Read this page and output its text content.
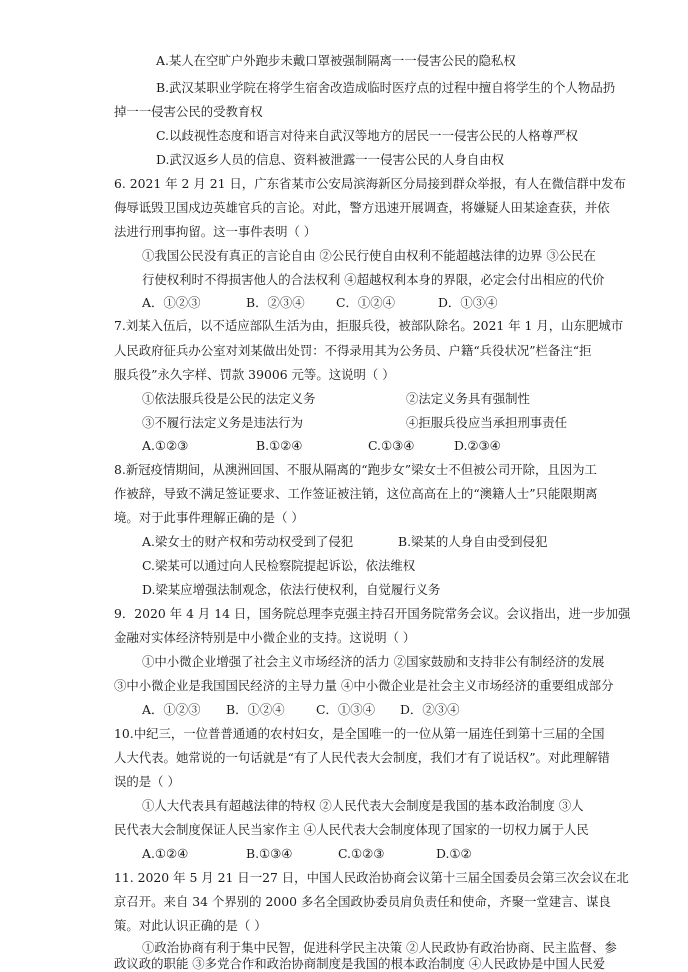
A.某人在空旷户外跑步未戴口罩被强制隔离一一侵害公民的隐私权
B.武汉某职业学院在将学生宿舍改造成临时医疗点的过程中擅自将学生的个人物品扔
掉一一侵害公民的受教育权
C.以歧视性态度和语言对待来自武汉等地方的居民一一侵害公民的人格尊严权
D.武汉返乡人员的信息、资料被泄露一一侵害公民的人身自由权
6. 2021 年 2 月 21 日，广东省某市公安局滨海新区分局接到群众举报，有人在微信群中发布
侮辱诋毁卫国戍边英雄官兵的言论。对此，警方迅速开展调查，将嫌疑人田某途查获，并依
法进行刑事拘留。这一事件表明（ ）
①我国公民没有真正的言论自由 ②公民行使自由权利不能超越法律的边界 ③公民在
行使权利时不得损害他人的合法权利 ④超越权利本身的界限，必定会付出相应的代价
A．①②③	B．②③④	C．①②④	D．①③④
7.刘某入伍后，以不适应部队生活为由，拒服兵役，被部队除名。2021 年 1 月，山东肥城市
人民政府征兵办公室对刘某做出处罚：不得录用其为公务员、户籍“兵役状况”栏备注“拒
服兵役”永久字样、罚款 39006 元等。这说明（ ）
①依法服兵役是公民的法定义务	②法定义务具有强制性
③不履行法定义务是违法行为	④拒服兵役应当承担刑事责任
A.①②③	B.①②④	C.①③④	D.②③④
8.新冠疫情期间，从澳洲回国、不服从隔离的“跑步女”梁女士不但被公司开除，且因为工
作被辞，导致不满足签证要求、工作签证被注销，这位高高在上的“澳籍人士”只能限期离
境。对于此事件理解正确的是（ ）
A.梁女士的财产权和劳动权受到了侵犯	B.梁某的人身自由受到侵犯
C.梁某可以通过向人民检察院提起诉讼，依法维权
D.梁某应增强法制观念，依法行使权利，自觉履行义务
9．2020 年 4 月 14 日，国务院总理李克强主持召开国务院常务会议。会议指出，进一步加强
金融对实体经济特别是中小微企业的支持。这说明（ ）
①中小微企业增强了社会主义市场经济的活力 ②国家鼓励和支持非公有制经济的发展
③中小微企业是我国国民经济的主导力量 ④中小微企业是社会主义市场经济的重要组成部分
A．①②③ B．①②④	C．①③④ D．②③④
10.中纪三，一位普普通通的农村妇女，是全国唯一的一位从第一届连任到第十三届的全国
人大代表。她常说的一句话就是“有了人民代表大会制度，我们才有了说话权”。对此理解错
误的是（ ）
①人大代表具有超越法律的特权 ②人民代表大会制度是我国的基本政治制度 ③人
民代表大会制度保证人民当家作主 ④人民代表大会制度体现了国家的一切权力属于人民
A.①②④	B.①③④	C.①②③	D.①②
11. 2020 年 5 月 21 日一27 日，中国人民政治协商会议第十三届全国委员会第三次会议在北
京召开。来自 34 个界别的 2000 多名全国政协委员肩负责任和使命，齐聚一堂建言、谋良
策。对此认识正确的是（ ）
①政治协商有利于集中民智，促进科学民主决策 ②人民政协有政治协商、民主监督、参
政议政的职能 ③多党合作和政治协商制度是我国的根本政治制度 ④人民政协是中国人民爱
